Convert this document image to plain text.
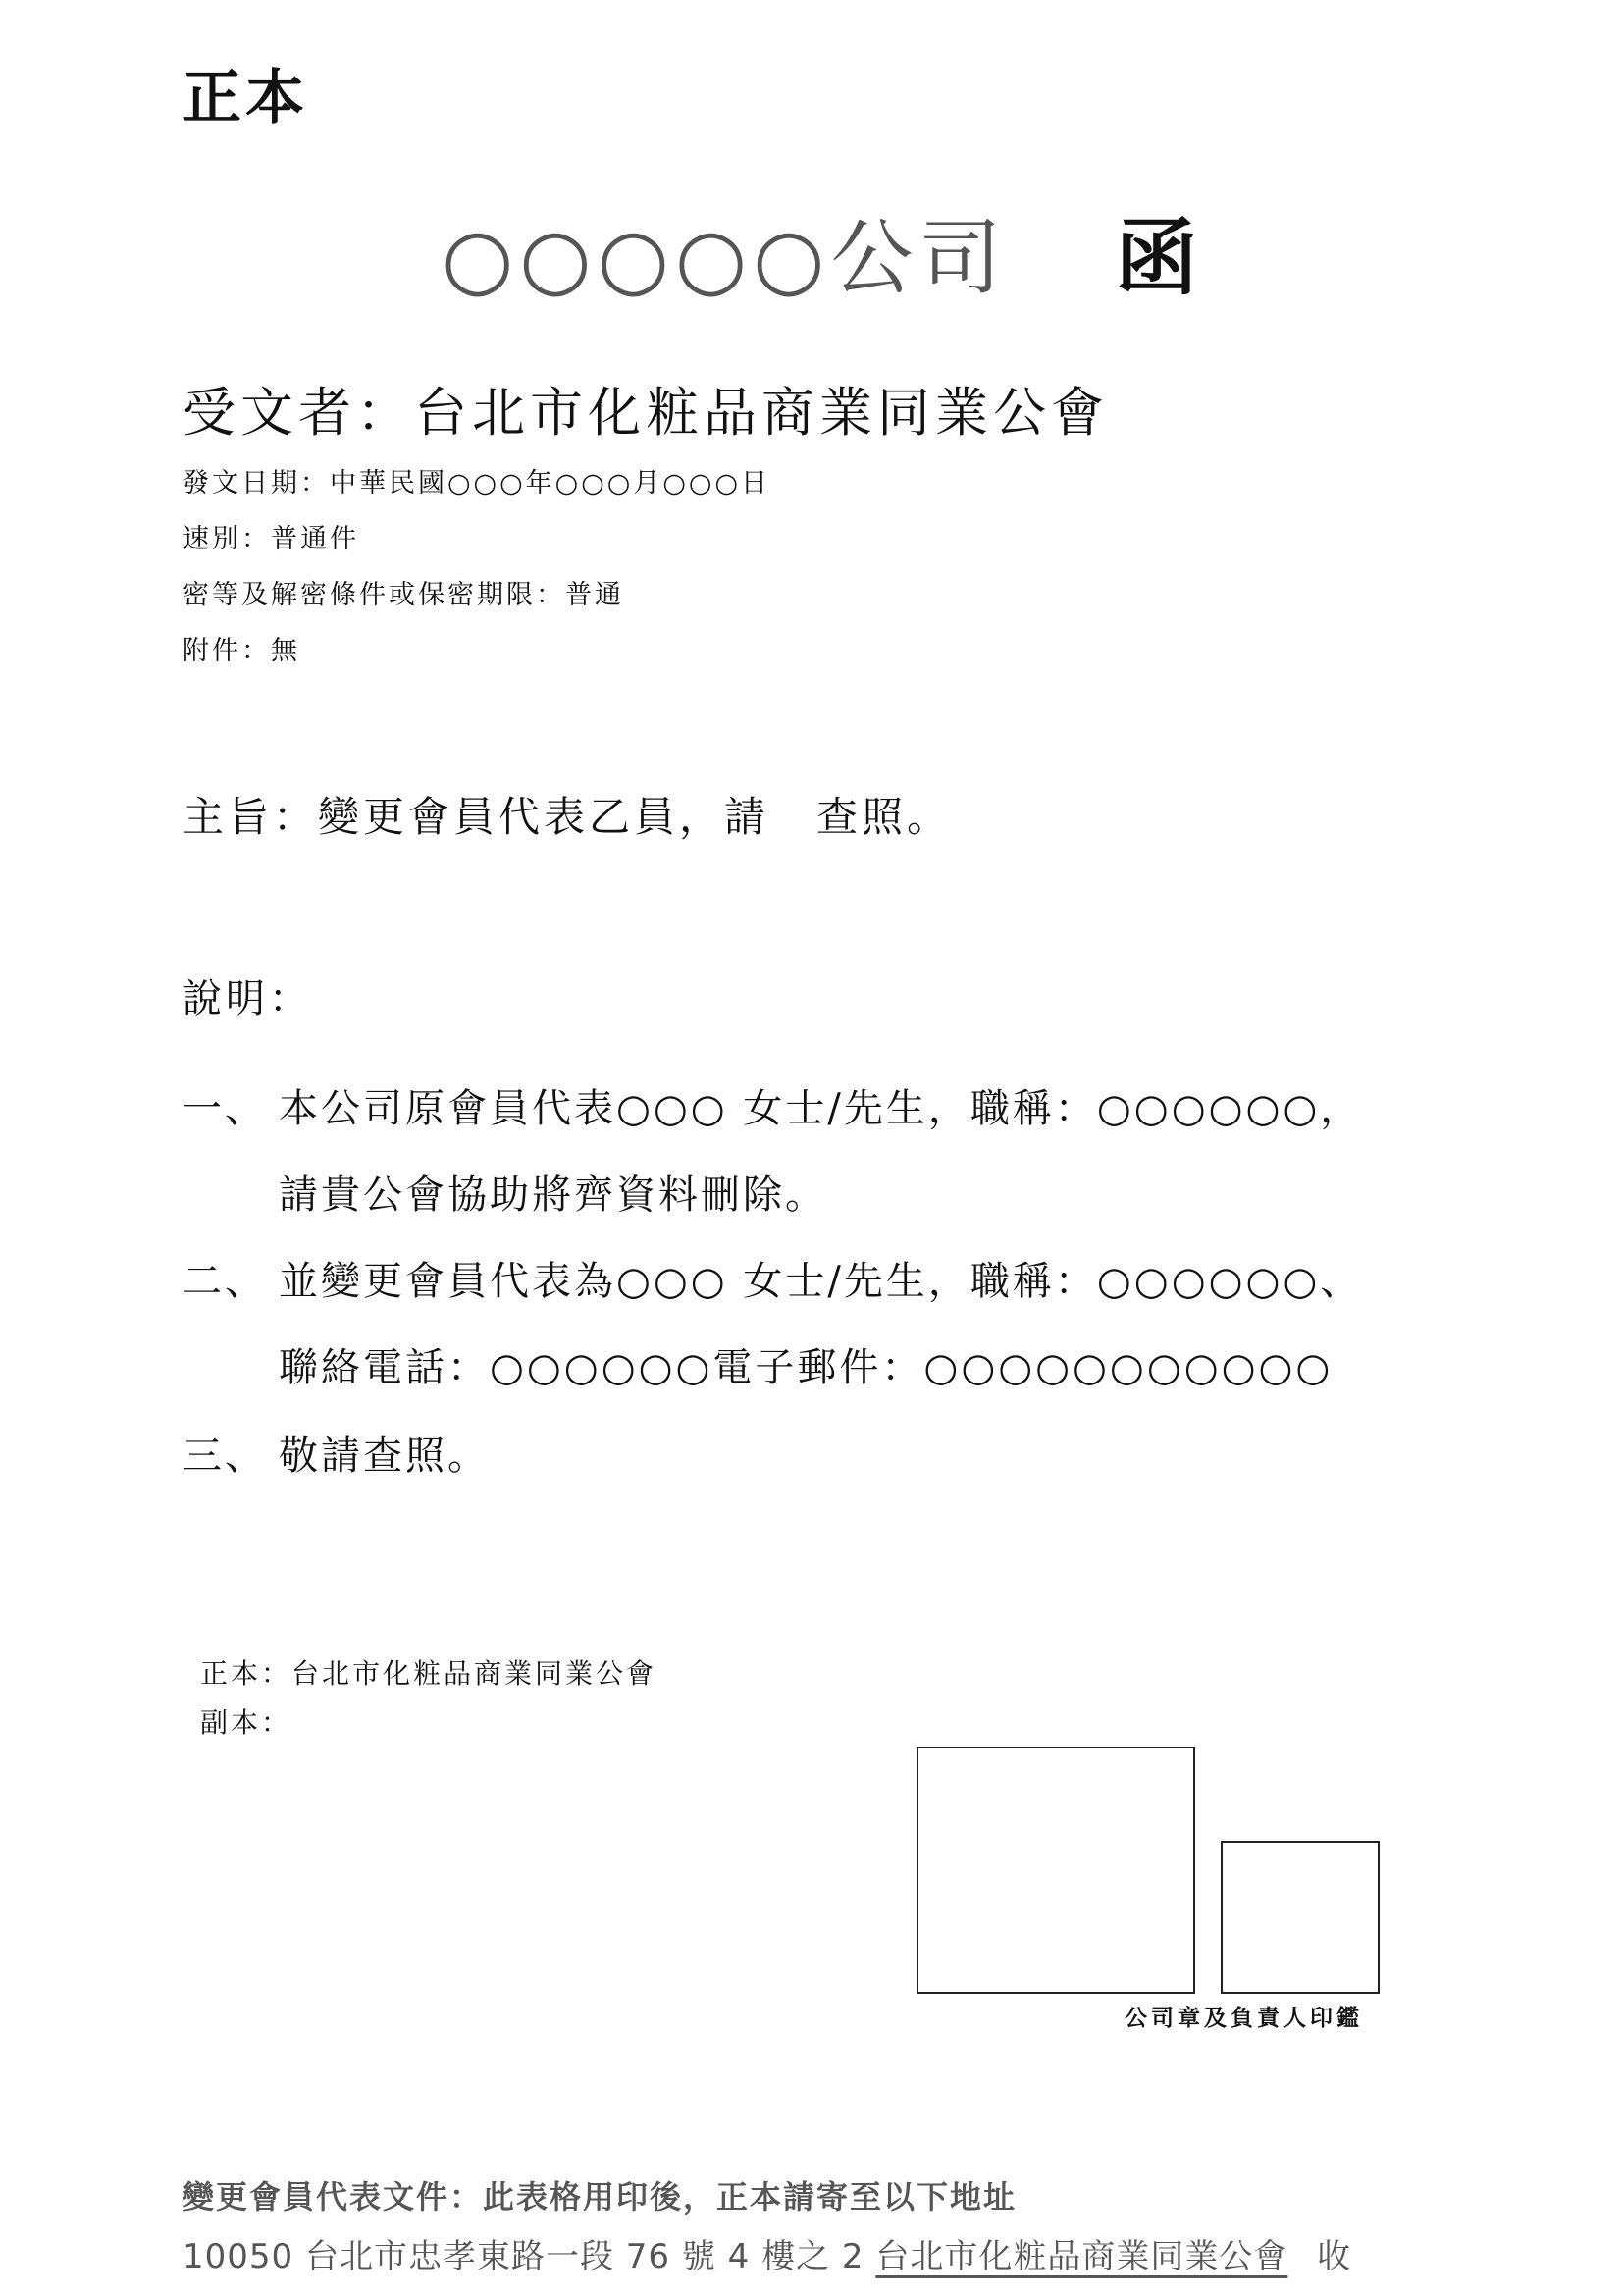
正本
○○○○○公司 函
受文者：台北市化粧品商業同業公會
發文日期：中華民國○○○年○○○月○○○日
速別：普通件
密等及解密條件或保密期限：普通
附件：無
主旨：變更會員代表乙員，請 查照。
說明：
一、 本公司原會員代表○○○ 女士/先生，職稱：○○○○○○，
請貴公會協助將齊資料刪除。
二、 並變更會員代表為○○○ 女士/先生，職稱：○○○○○○、
聯絡電話：○○○○○○電子郵件：○○○○○○○○○○○
三、 敬請查照。
正本：台北市化粧品商業同業公會
副本：
公司章及負責人印鑑
變更會員代表文件：此表格用印後，正本請寄至以下地址
10050 台北市忠孝東路一段 76 號 4 樓之 2 台北市化粧品商業同業公會 收
